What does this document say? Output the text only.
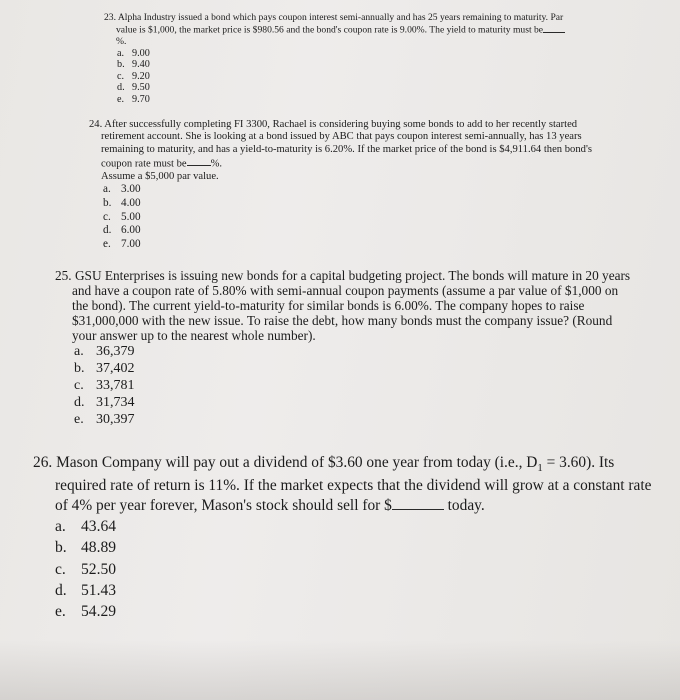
23. Alpha Industry issued a bond which pays coupon interest semi-annually and has 25 years remaining to maturity. Par value is $1,000, the market price is $980.56 and the bond's coupon rate is 9.00%. The yield to maturity must be%.

a. 9.00
b. 9.40
c. 9.20
d. 9.50
e. 9.70

24. After successfully completing FI 3300, Rachael is considering buying some bonds to add to her recently started retirement account. She is looking at a bond issued by ABC that pays coupon interest semi-annually, has 13 years remaining to maturity, and has a yield-to-maturity is 6.20%. If the market price of the bond is $4,911.64 then bond's coupon rate must be %.
Assume a $5,000 par value.

a. 3.00
b. 4.00
c. 5.00
d. 6.00
e. 7.00

25. GSU Enterprises is issuing new bonds for a capital budgeting project. The bonds will mature in 20 years and have a coupon rate of 5.80% with semi-annual coupon payments (assume a par value of $1,000 on the bond). The current yield-to-maturity for similar bonds is 6.00%. The company hopes to raise $31,000,000 with the new issue. To raise the debt, how many bonds must the company issue? (Round your answer up to the nearest whole number).

a. 36,379
b. 37,402
c. 33,781
d. 31,734
e. 30,397

26. Mason Company will pay out a dividend of $3.60 one year from today (i.e., $D_1 = 3.60$). Its required rate of return is 11%. If the market expects that the dividend will grow at a constant rate of 4% per year forever, Mason's stock should sell for $	today.

a. 43.64
b. 48.89
c. 52.50
d. 51.43
e. 54.29
